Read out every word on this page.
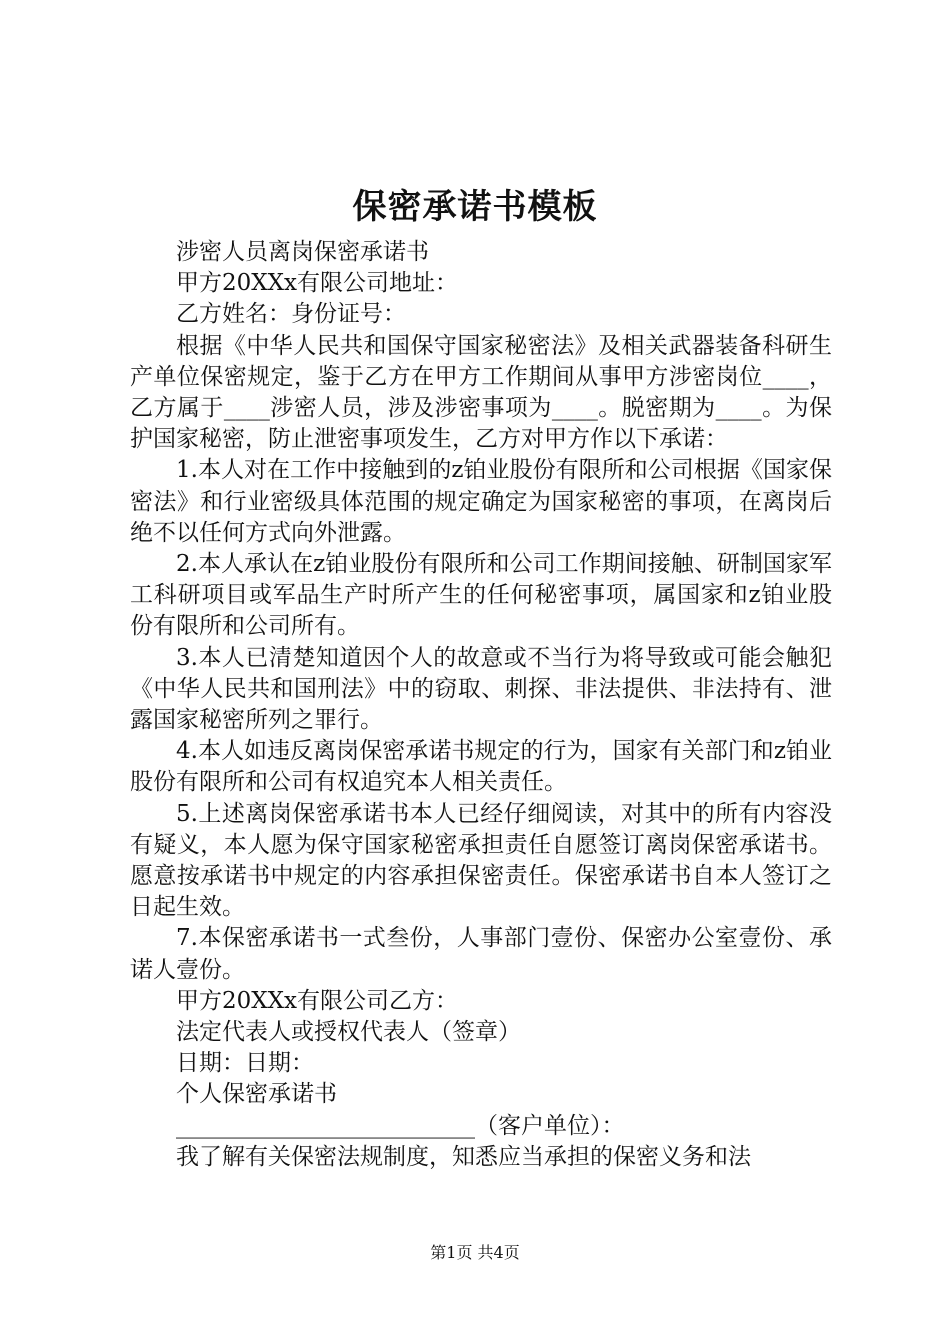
保密承诺书模板

涉密人员离岗保密承诺书

甲方20XXx有限公司地址：

乙方姓名：身份证号：

根据《中华人民共和国保守国家秘密法》及相关武器装备科研生产单位保密规定，鉴于乙方在甲方工作期间从事甲方涉密岗位____，乙方属于____涉密人员，涉及涉密事项为____。脱密期为____。为保护国家秘密，防止泄密事项发生，乙方对甲方作以下承诺：

1.本人对在工作中接触到的z铂业股份有限所和公司根据《国家保密法》和行业密级具体范围的规定确定为国家秘密的事项，在离岗后绝不以任何方式向外泄露。

2.本人承认在z铂业股份有限所和公司工作期间接触、研制国家军工科研项目或军品生产时所产生的任何秘密事项，属国家和z铂业股份有限所和公司所有。

3.本人已清楚知道因个人的故意或不当行为将导致或可能会触犯《中华人民共和国刑法》中的窃取、刺探、非法提供、非法持有、泄露国家秘密所列之罪行。

4.本人如违反离岗保密承诺书规定的行为，国家有关部门和z铂业股份有限所和公司有权追究本人相关责任。

5.上述离岗保密承诺书本人已经仔细阅读，对其中的所有内容没有疑义，本人愿为保守国家秘密承担责任自愿签订离岗保密承诺书。愿意按承诺书中规定的内容承担保密责任。保密承诺书自本人签订之日起生效。

7.本保密承诺书一式叁份，人事部门壹份、保密办公室壹份、承诺人壹份。

甲方20XXx有限公司乙方：

法定代表人或授权代表人（签章）

日期：日期：

个人保密承诺书

__________________________（客户单位）：

我了解有关保密法规制度，知悉应当承担的保密义务和法

第1页 共4页
